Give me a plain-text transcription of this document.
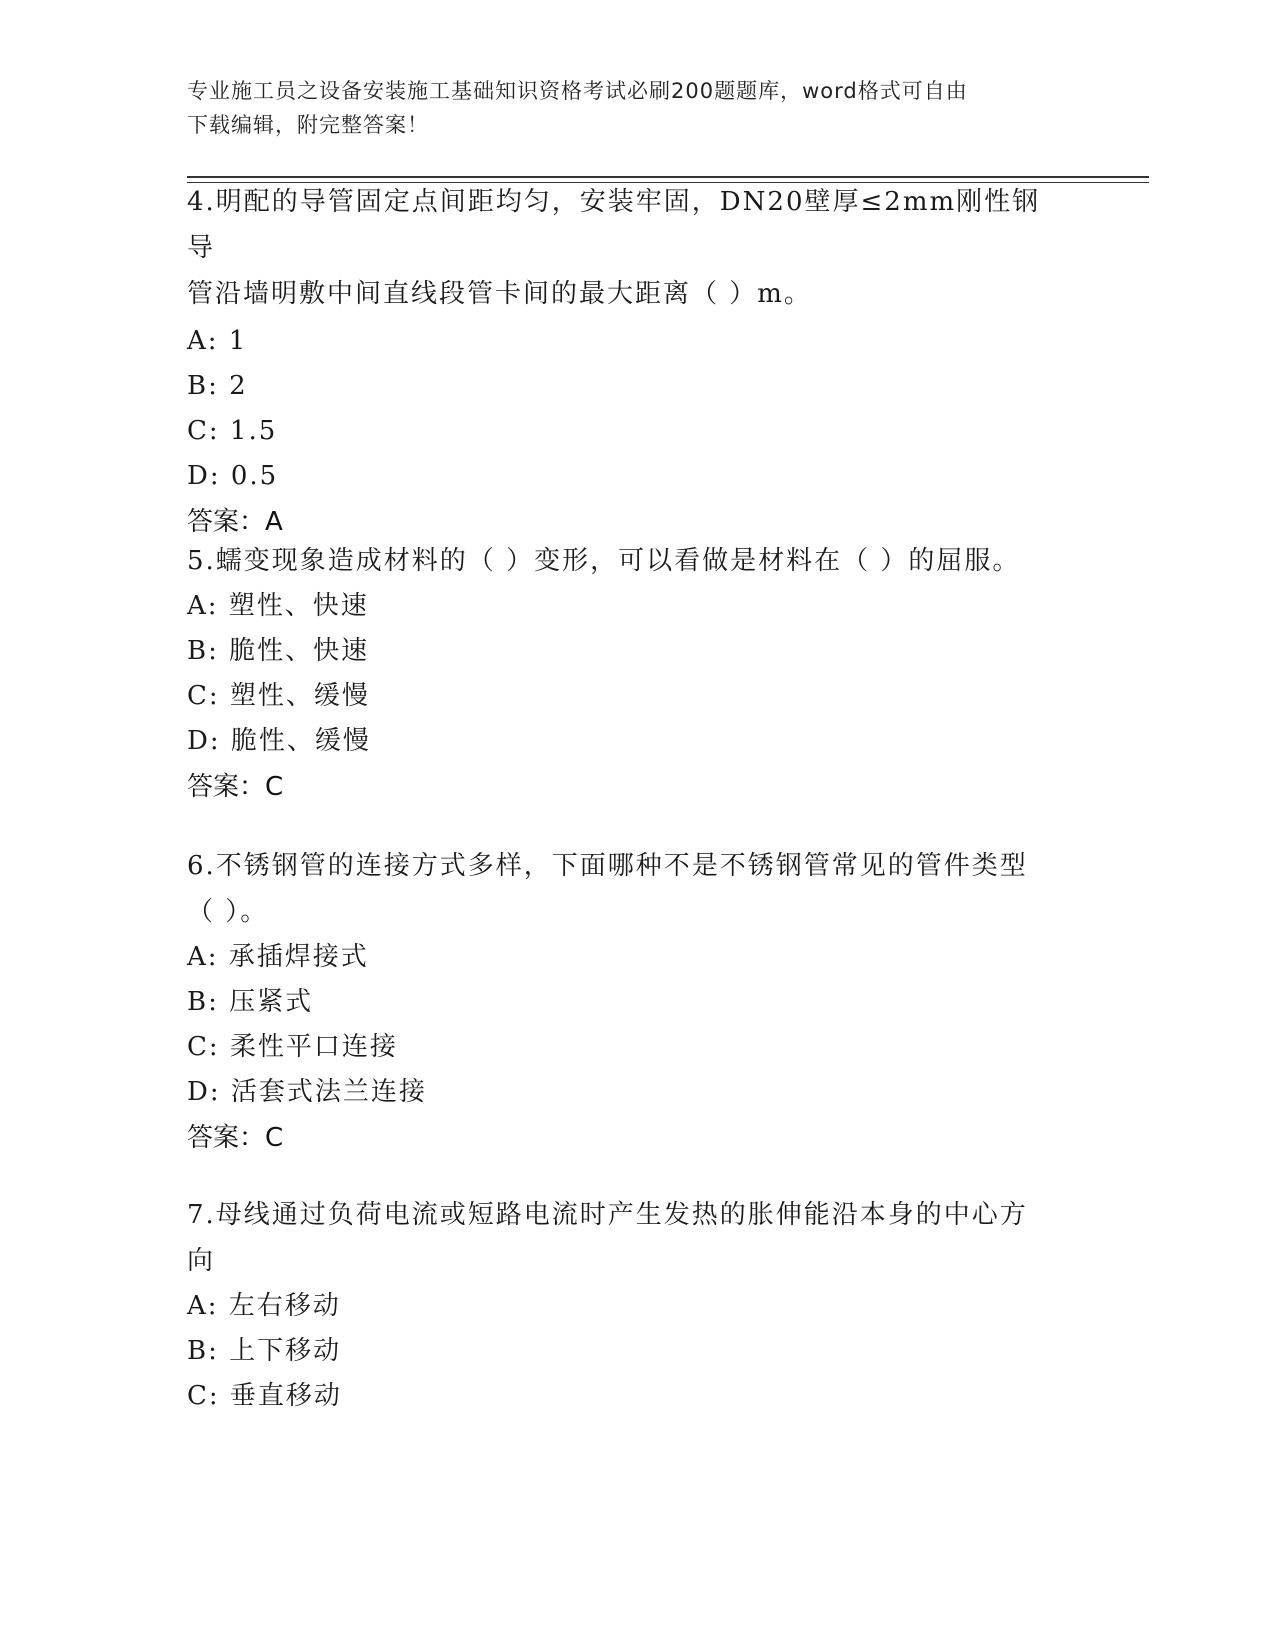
专业施工员之设备安装施工基础知识资格考试必刷200题题库，word格式可自由
下载编辑，附完整答案！
4.明配的导管固定点间距均匀，安装牢固，DN20壁厚≤2mm刚性钢导
管沿墙明敷中间直线段管卡间的最大距离（ ）m。
A: 1
B: 2
C: 1.5
D: 0.5
答案：A
5.蠕变现象造成材料的（ ）变形，可以看做是材料在（ ）的屈服。
A: 塑性、快速
B: 脆性、快速
C: 塑性、缓慢
D: 脆性、缓慢
答案：C
6.不锈钢管的连接方式多样，下面哪种不是不锈钢管常见的管件类型
（ ）。
A: 承插焊接式
B: 压紧式
C: 柔性平口连接
D: 活套式法兰连接
答案：C
7.母线通过负荷电流或短路电流时产生发热的胀伸能沿本身的中心方
向
A: 左右移动
B: 上下移动
C: 垂直移动
